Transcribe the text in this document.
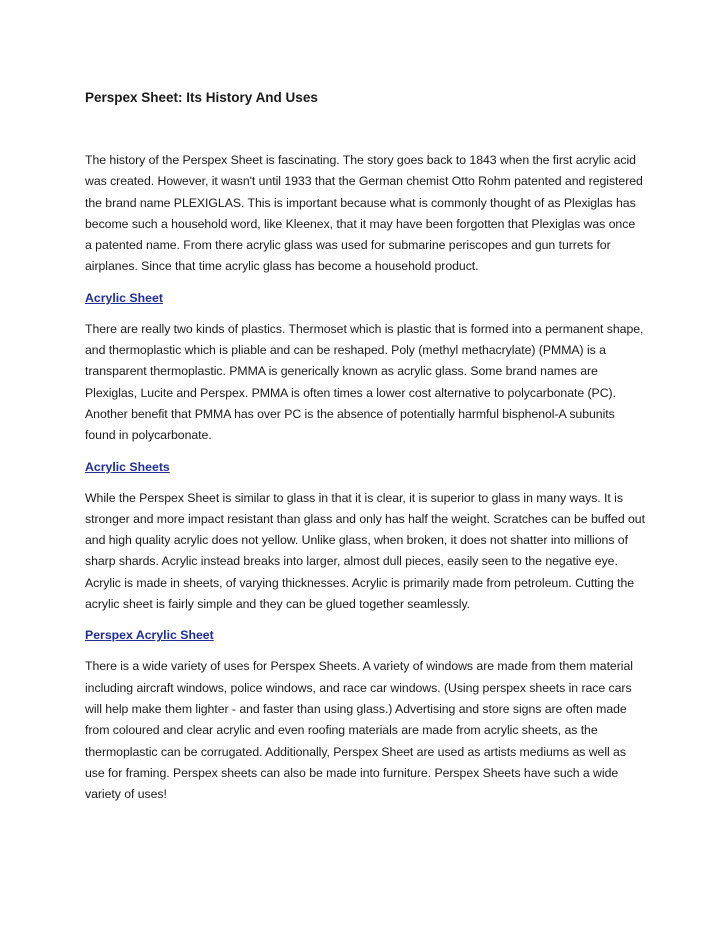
Perspex Sheet: Its History And Uses

The history of the Perspex Sheet is fascinating. The story goes back to 1843 when the first acrylic acid was created. However, it wasn't until 1933 that the German chemist Otto Rohm patented and registered the brand name PLEXIGLAS. This is important because what is commonly thought of as Plexiglas has become such a household word, like Kleenex, that it may have been forgotten that Plexiglas was once a patented name. From there acrylic glass was used for submarine periscopes and gun turrets for airplanes. Since that time acrylic glass has become a household product.

Acrylic Sheet

There are really two kinds of plastics. Thermoset which is plastic that is formed into a permanent shape, and thermoplastic which is pliable and can be reshaped. Poly (methyl methacrylate) (PMMA) is a transparent thermoplastic. PMMA is generically known as acrylic glass. Some brand names are Plexiglas, Lucite and Perspex. PMMA is often times a lower cost alternative to polycarbonate (PC). Another benefit that PMMA has over PC is the absence of potentially harmful bisphenol-A subunits found in polycarbonate.

Acrylic Sheets

While the Perspex Sheet is similar to glass in that it is clear, it is superior to glass in many ways. It is stronger and more impact resistant than glass and only has half the weight. Scratches can be buffed out and high quality acrylic does not yellow. Unlike glass, when broken, it does not shatter into millions of sharp shards. Acrylic instead breaks into larger, almost dull pieces, easily seen to the negative eye. Acrylic is made in sheets, of varying thicknesses. Acrylic is primarily made from petroleum. Cutting the acrylic sheet is fairly simple and they can be glued together seamlessly.

Perspex Acrylic Sheet

There is a wide variety of uses for Perspex Sheets. A variety of windows are made from them material including aircraft windows, police windows, and race car windows. (Using perspex sheets in race cars will help make them lighter - and faster than using glass.) Advertising and store signs are often made from coloured and clear acrylic and even roofing materials are made from acrylic sheets, as the thermoplastic can be corrugated. Additionally, Perspex Sheet are used as artists mediums as well as use for framing. Perspex sheets can also be made into furniture. Perspex Sheets have such a wide variety of uses!
